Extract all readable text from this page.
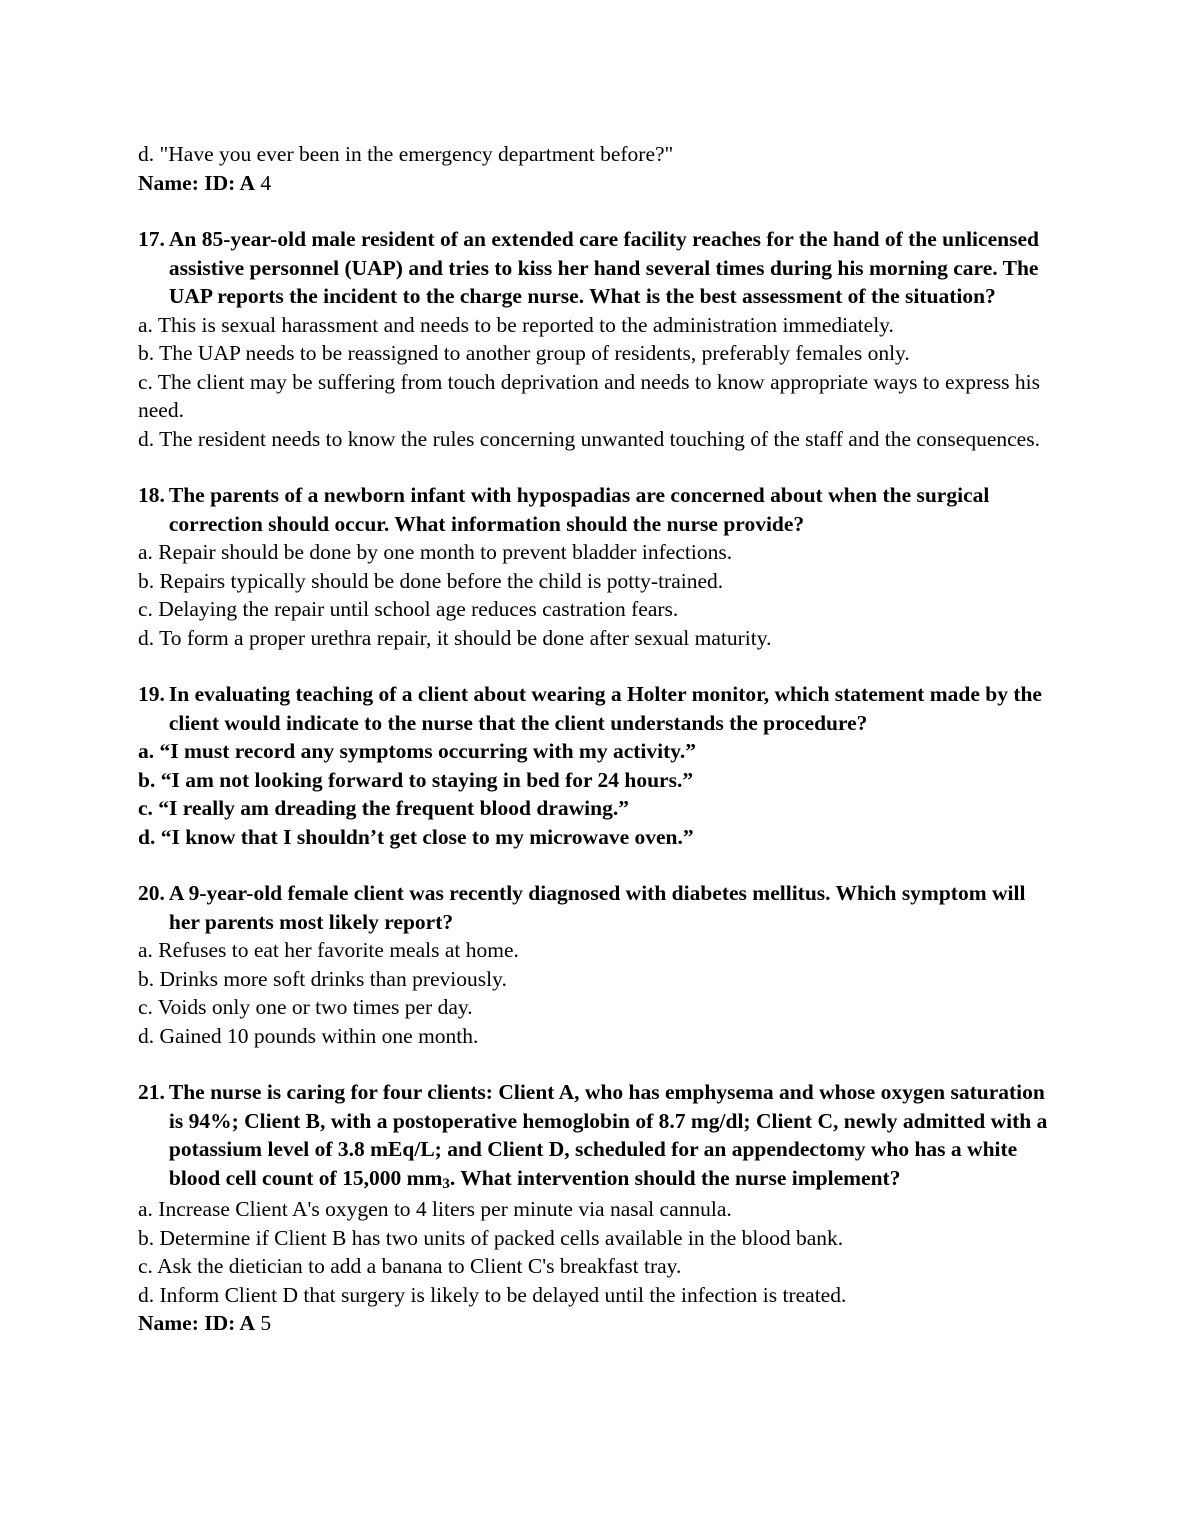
d. "Have you ever been in the emergency department before?"
Name: ID: A 4
17. An 85-year-old male resident of an extended care facility reaches for the hand of the unlicensed assistive personnel (UAP) and tries to kiss her hand several times during his morning care. The UAP reports the incident to the charge nurse. What is the best assessment of the situation?
a. This is sexual harassment and needs to be reported to the administration immediately.
b. The UAP needs to be reassigned to another group of residents, preferably females only.
c. The client may be suffering from touch deprivation and needs to know appropriate ways to express his need.
d. The resident needs to know the rules concerning unwanted touching of the staff and the consequences.
18. The parents of a newborn infant with hypospadias are concerned about when the surgical correction should occur. What information should the nurse provide?
a. Repair should be done by one month to prevent bladder infections.
b. Repairs typically should be done before the child is potty-trained.
c. Delaying the repair until school age reduces castration fears.
d. To form a proper urethra repair, it should be done after sexual maturity.
19. In evaluating teaching of a client about wearing a Holter monitor, which statement made by the client would indicate to the nurse that the client understands the procedure?
a. “I must record any symptoms occurring with my activity.”
b. “I am not looking forward to staying in bed for 24 hours.”
c. “I really am dreading the frequent blood drawing.”
d. “I know that I shouldn’t get close to my microwave oven.”
20. A 9-year-old female client was recently diagnosed with diabetes mellitus. Which symptom will her parents most likely report?
a. Refuses to eat her favorite meals at home.
b. Drinks more soft drinks than previously.
c. Voids only one or two times per day.
d. Gained 10 pounds within one month.
21. The nurse is caring for four clients: Client A, who has emphysema and whose oxygen saturation is 94%; Client B, with a postoperative hemoglobin of 8.7 mg/dl; Client C, newly admitted with a potassium level of 3.8 mEq/L; and Client D, scheduled for an appendectomy who has a white blood cell count of 15,000 $mm_3$. What intervention should the nurse implement?
a. Increase Client A's oxygen to 4 liters per minute via nasal cannula.
b. Determine if Client B has two units of packed cells available in the blood bank.
c. Ask the dietician to add a banana to Client C's breakfast tray.
d. Inform Client D that surgery is likely to be delayed until the infection is treated.
Name: ID: A 5
